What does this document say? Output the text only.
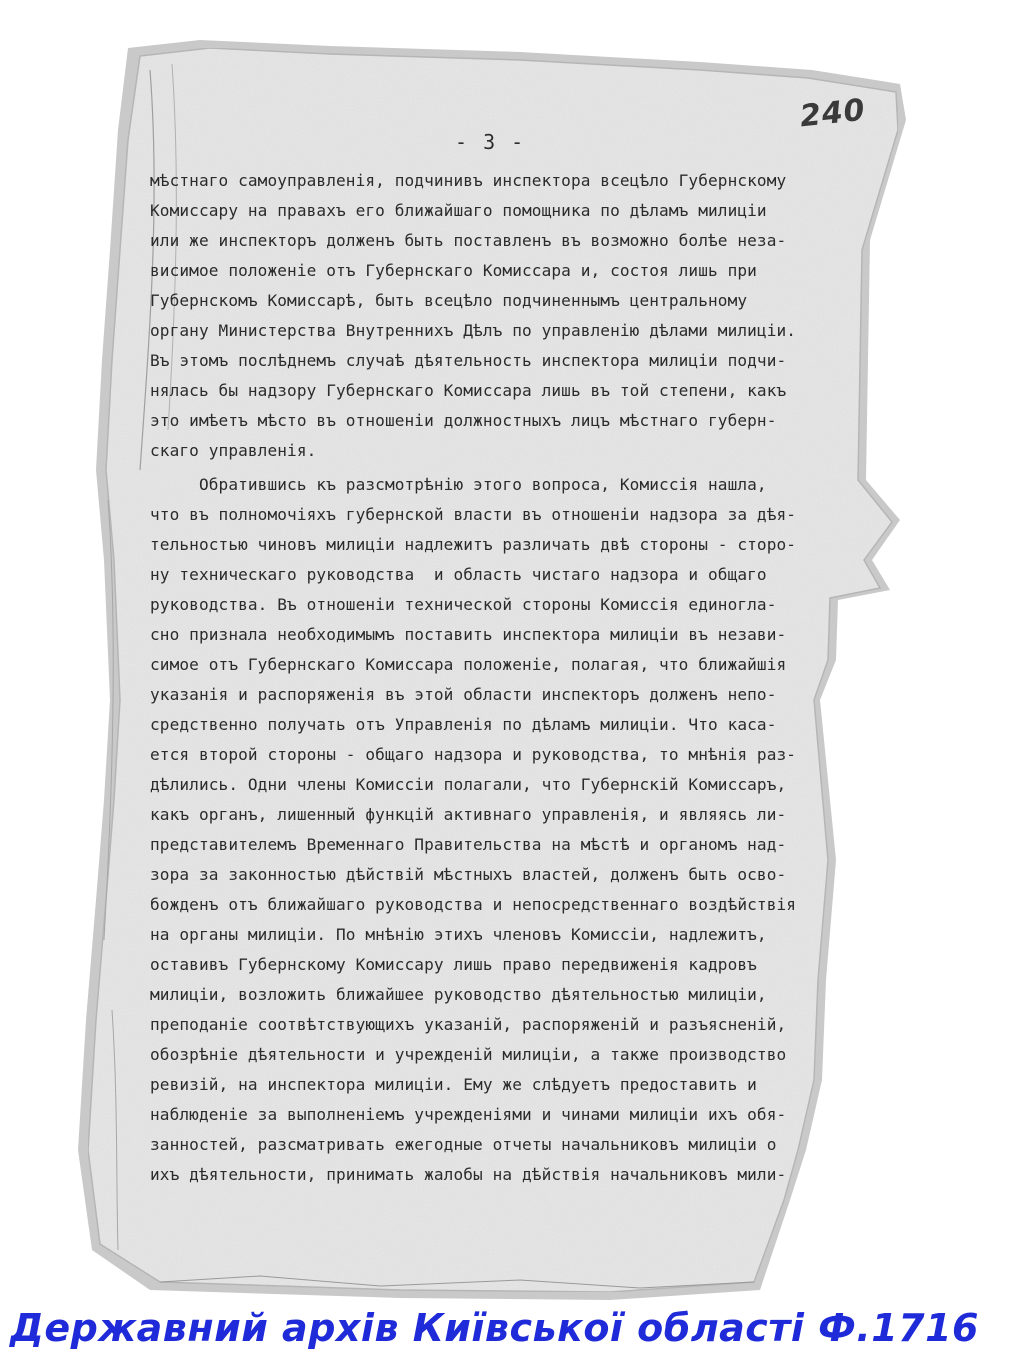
240
- 3 -
мѣстнаго самоуправленія, подчинивъ инспектора всецѣло Губернскому
Комиссару на правахъ его ближайшаго помощника по дѣламъ милиціи
или же инспекторъ долженъ быть поставленъ въ возможно болѣе неза-
висимое положеніе отъ Губернскаго Комиссара и, состоя лишь при
Губернскомъ Комиссарѣ, быть всецѣло подчиненнымъ центральному
органу Министерства Внутреннихъ Дѣлъ по управленію дѣлами милиціи.
Въ этомъ послѣднемъ случаѣ дѣятельность инспектора милиціи подчи-
нялась бы надзору Губернскаго Комиссара лишь въ той степени, какъ
это имѣетъ мѣсто въ отношеніи должностныхъ лицъ мѣстнаго губерн-
скаго управленія.
Обратившись къ разсмотрѣнію этого вопроса, Комиссія нашла,
что въ полномочіяхъ губернской власти въ отношеніи надзора за дѣя-
тельностью чиновъ милиціи надлежитъ различать двѣ стороны - сторо-
ну техническаго руководства  и область чистаго надзора и общаго
руководства. Въ отношеніи технической стороны Комиссія единогла-
сно признала необходимымъ поставить инспектора милиціи въ незави-
симое отъ Губернскаго Комиссара положеніе, полагая, что ближайшія
указанія и распоряженія въ этой области инспекторъ долженъ непо-
средственно получать отъ Управленія по дѣламъ милиціи. Что каса-
ется второй стороны - общаго надзора и руководства, то мнѣнія раз-
дѣлились. Одни члены Комиссіи полагали, что Губернскій Комиссаръ,
какъ органъ, лишенный функцій активнаго управленія, и являясь ли-
представителемъ Временнаго Правительства на мѣстѣ и органомъ над-
зора за законностью дѣйствій мѣстныхъ властей, долженъ быть осво-
божденъ отъ ближайшаго руководства и непосредственнаго воздѣйствія
на органы милиціи. По мнѣнію этихъ членовъ Комиссіи, надлежитъ,
оставивъ Губернскому Комиссару лишь право передвиженія кадровъ
милиціи, возложить ближайшее руководство дѣятельностью милиціи,
преподаніе соотвѣтствующихъ указаній, распоряженій и разъясненій,
обозрѣніе дѣятельности и учрежденій милиціи, а также производство
ревизій, на инспектора милиціи. Ему же слѣдуетъ предоставить и
наблюденіе за выполненіемъ учрежденіями и чинами милиціи ихъ обя-
занностей, разсматривать ежегодные отчеты начальниковъ милиціи о
ихъ дѣятельности, принимать жалобы на дѣйствія начальниковъ мили-
Державний архів Київської області Ф.1716
